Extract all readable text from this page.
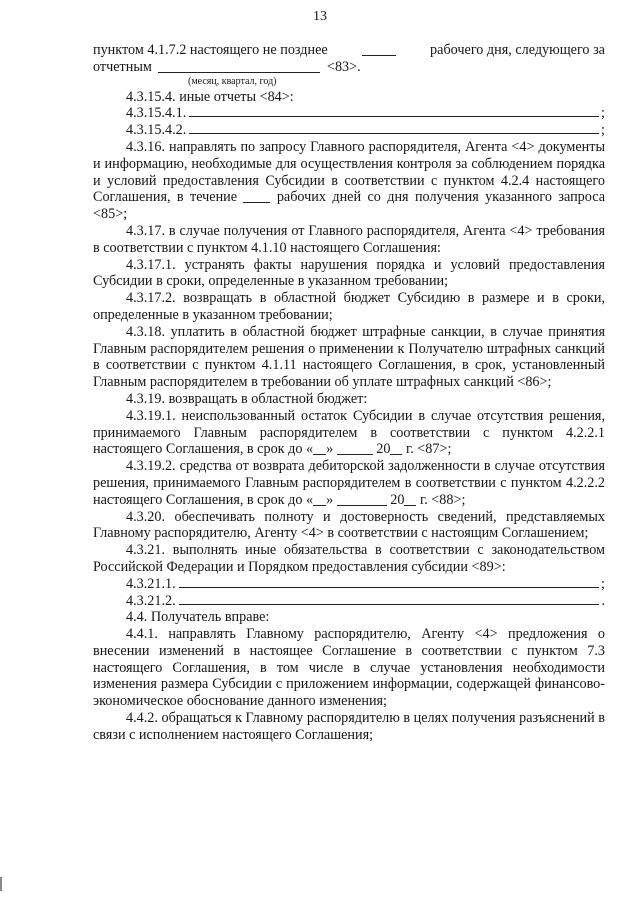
13
пунктом 4.1.7.2 настоящего не позднее	рабочего дня, следующего за
отчетным	<83>.
(месяц, квартал, год)

4.3.15.4. иные отчеты <84>:

4.3.15.4.1.	;
4.3.15.4.2.	;

4.3.16. направлять по запросу Главного распорядителя, Агента <4> документы и информацию, необходимые для осуществления контроля за соблюдением порядка и условий предоставления Субсидии в соответствии с пунктом 4.2.4 настоящего Соглашения, в течение	рабочих дней со дня получения указанного запроса <85>;

4.3.17. в случае получения от Главного распорядителя, Агента <4> требования в соответствии с пунктом 4.1.10 настоящего Соглашения:

4.3.17.1. устранять факты нарушения порядка и условий предоставления Субсидии в сроки, определенные в указанном требовании;

4.3.17.2. возвращать в областной бюджет Субсидию в размере и в сроки, определенные в указанном требовании;

4.3.18. уплатить в областной бюджет штрафные санкции, в случае принятия Главным распорядителем решения о применении к Получателю штрафных санкций в соответствии с пунктом 4.1.11 настоящего Соглашения, в срок, установленный Главным распорядителем в требовании об уплате штрафных санкций <86>;

4.3.19. возвращать в областной бюджет:

4.3.19.1. неиспользованный остаток Субсидии в случае отсутствия решения, принимаемого Главным распорядителем в соответствии с пунктом 4.2.2.1 настоящего Соглашения, в срок до « »	20 г. <87>;

4.3.19.2. средства от возврата дебиторской задолженности в случае отсутствия решения, принимаемого Главным распорядителем в соответствии с пунктом 4.2.2.2 настоящего Соглашения, в срок до « »	20 г. <88>;

4.3.20. обеспечивать полноту и достоверность сведений, представляемых Главному распорядителю, Агенту <4> в соответствии с настоящим Соглашением;

4.3.21. выполнять иные обязательства в соответствии с законодательством Российской Федерации и Порядком предоставления субсидии <89>:

4.3.21.1.	;
4.3.21.2.	.

4.4. Получатель вправе:

4.4.1. направлять Главному распорядителю, Агенту <4> предложения о внесении изменений в настоящее Соглашение в соответствии с пунктом 7.3 настоящего Соглашения, в том числе в случае установления необходимости изменения размера Субсидии с приложением информации, содержащей финансово-экономическое обоснование данного изменения;

4.4.2. обращаться к Главному распорядителю в целях получения разъяснений в связи с исполнением настоящего Соглашения;
